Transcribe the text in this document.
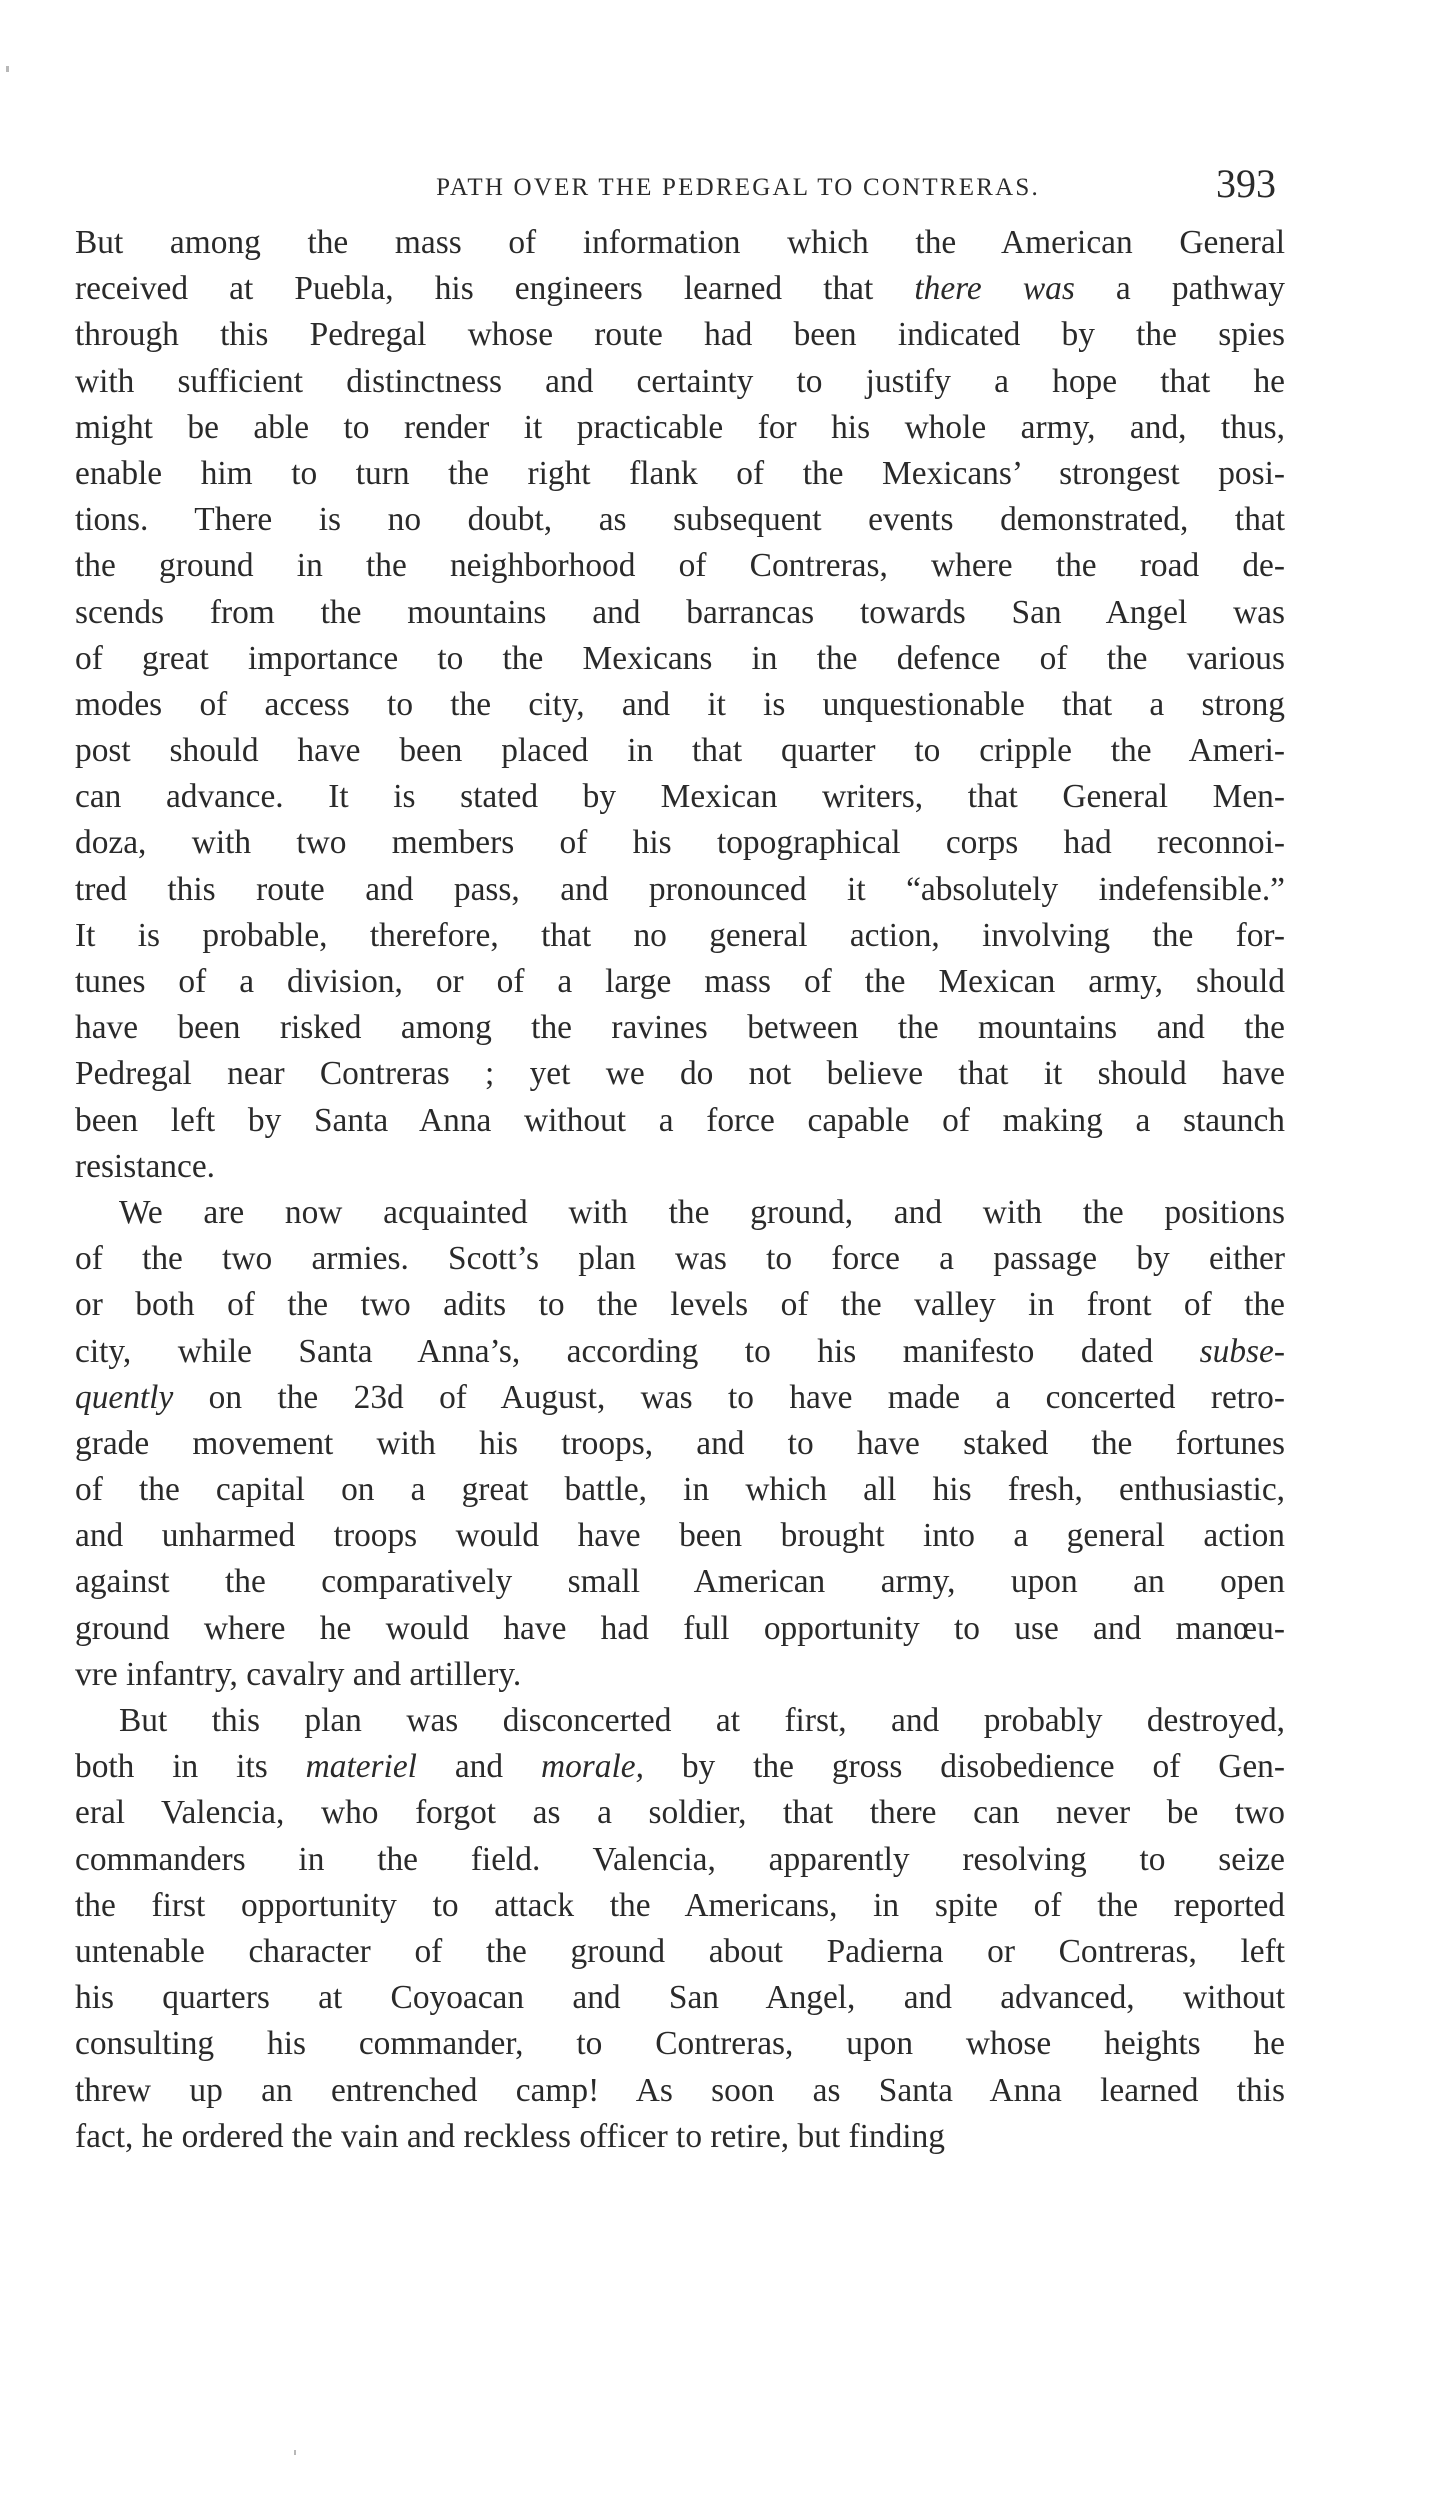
PATH OVER THE PEDREGAL TO CONTRERAS.	393
But among the mass of information which the American General
received at Puebla, his engineers learned that there was a pathway
through this Pedregal whose route had been indicated by the spies
with sufficient distinctness and certainty to justify a hope that he
might be able to render it practicable for his whole army, and, thus,
enable him to turn the right flank of the Mexicans’ strongest posi-
tions. There is no doubt, as subsequent events demonstrated, that
the ground in the neighborhood of Contreras, where the road de-
scends from the mountains and barrancas towards San Angel was
of great importance to the Mexicans in the defence of the various
modes of access to the city, and it is unquestionable that a strong
post should have been placed in that quarter to cripple the Ameri-
can advance. It is stated by Mexican writers, that General Men-
doza, with two members of his topographical corps had reconnoi-
tred this route and pass, and pronounced it “absolutely indefensible.”
It is probable, therefore, that no general action, involving the for-
tunes of a division, or of a large mass of the Mexican army, should
have been risked among the ravines between the mountains and the
Pedregal near Contreras ; yet we do not believe that it should have
been left by Santa Anna without a force capable of making a staunch
resistance.
We are now acquainted with the ground, and with the positions
of the two armies. Scott’s plan was to force a passage by either
or both of the two adits to the levels of the valley in front of the
city, while Santa Anna’s, according to his manifesto dated subse-
quently on the 23d of August, was to have made a concerted retro-
grade movement with his troops, and to have staked the fortunes
of the capital on a great battle, in which all his fresh, enthusiastic,
and unharmed troops would have been brought into a general action
against the comparatively small American army, upon an open
ground where he would have had full opportunity to use and manœu-
vre infantry, cavalry and artillery.
But this plan was disconcerted at first, and probably destroyed,
both in its materiel and morale, by the gross disobedience of Gen-
eral Valencia, who forgot as a soldier, that there can never be two
commanders in the field. Valencia, apparently resolving to seize
the first opportunity to attack the Americans, in spite of the reported
untenable character of the ground about Padierna or Contreras, left
his quarters at Coyoacan and San Angel, and advanced, without
consulting his commander, to Contreras, upon whose heights he
threw up an entrenched camp! As soon as Santa Anna learned this
fact, he ordered the vain and reckless officer to retire, but finding
